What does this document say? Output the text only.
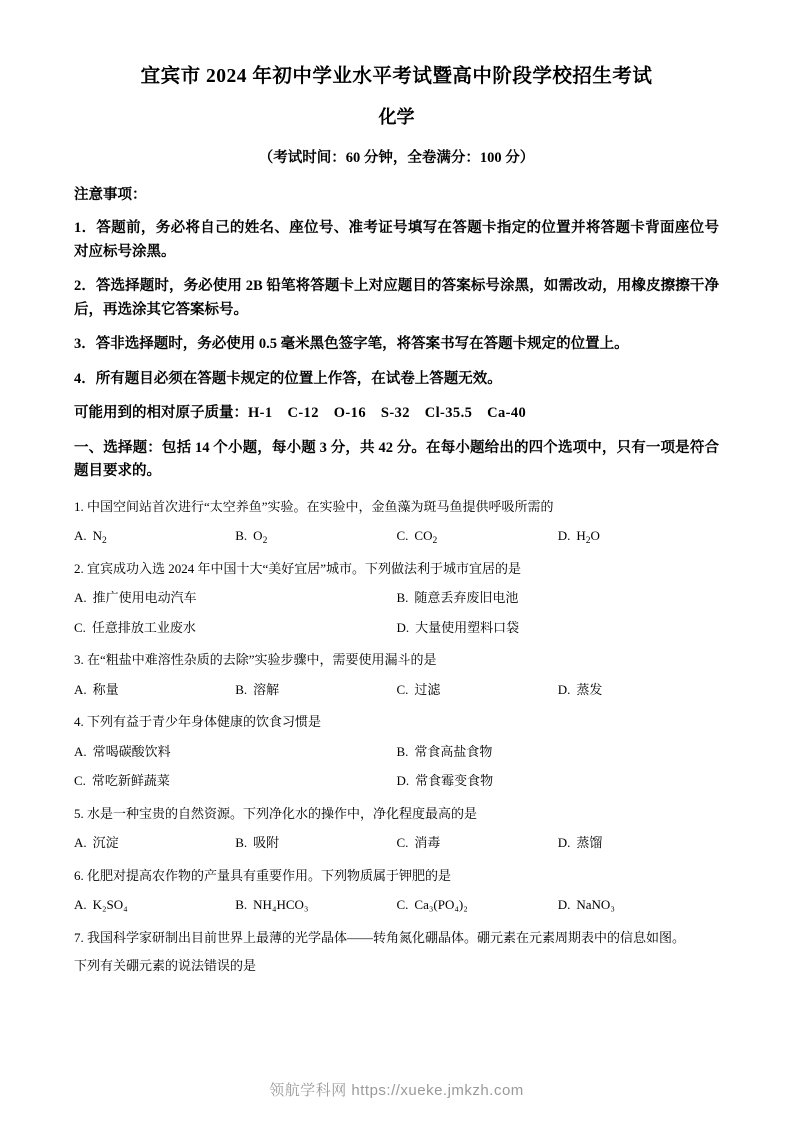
宜宾市 2024 年初中学业水平考试暨高中阶段学校招生考试
化学
（考试时间：60 分钟，全卷满分：100 分）
注意事项：

1．答题前，务必将自己的姓名、座位号、准考证号填写在答题卡指定的位置并将答题卡背面座位号对应标号涂黑。

2．答选择题时，务必使用 2B 铅笔将答题卡上对应题目的答案标号涂黑，如需改动，用橡皮擦擦干净后，再选涂其它答案标号。

3．答非选择题时，务必使用 0.5 毫米黑色签字笔，将答案书写在答题卡规定的位置上。

4．所有题目必须在答题卡规定的位置上作答，在试卷上答题无效。

可能用到的相对原子质量：H-1　C-12　O-16　S-32　Cl-35.5　Ca-40

一、选择题：包括 14 个小题，每小题 3 分，共 42 分。在每小题给出的四个选项中，只有一项是符合题目要求的。

1. 中国空间站首次进行“太空养鱼”实验。在实验中，金鱼藻为斑马鱼提供呼吸所需的

A. $N_2$	B. $O_2$	C. $CO_2$	D. $H_2O$

2. 宜宾成功入选 2024 年中国十大“美好宜居”城市。下列做法利于城市宜居的是

A. 推广使用电动汽车	B. 随意丢弃废旧电池
C. 任意排放工业废水	D. 大量使用塑料口袋

3. 在“粗盐中难溶性杂质的去除”实验步骤中，需要使用漏斗的是

A. 称量	B. 溶解	C. 过滤	D. 蒸发

4. 下列有益于青少年身体健康的饮食习惯是

A. 常喝碳酸饮料	B. 常食高盐食物
C. 常吃新鲜蔬菜	D. 常食霉变食物

5. 水是一种宝贵的自然资源。下列净化水的操作中，净化程度最高的是

A. 沉淀	B. 吸附	C. 消毒	D. 蒸馏

6. 化肥对提高农作物的产量具有重要作用。下列物质属于钾肥的是

A. K₂SO₄	B. NH₄HCO₃	C. Ca₃(PO₄)₂	D. NaNO₃

7. 我国科学家研制出目前世界上最薄的光学晶体——转角氮化硼晶体。硼元素在元素周期表中的信息如图。

下列有关硼元素的说法错误的是

领航学科网 https://xueke.jmkzh.com
